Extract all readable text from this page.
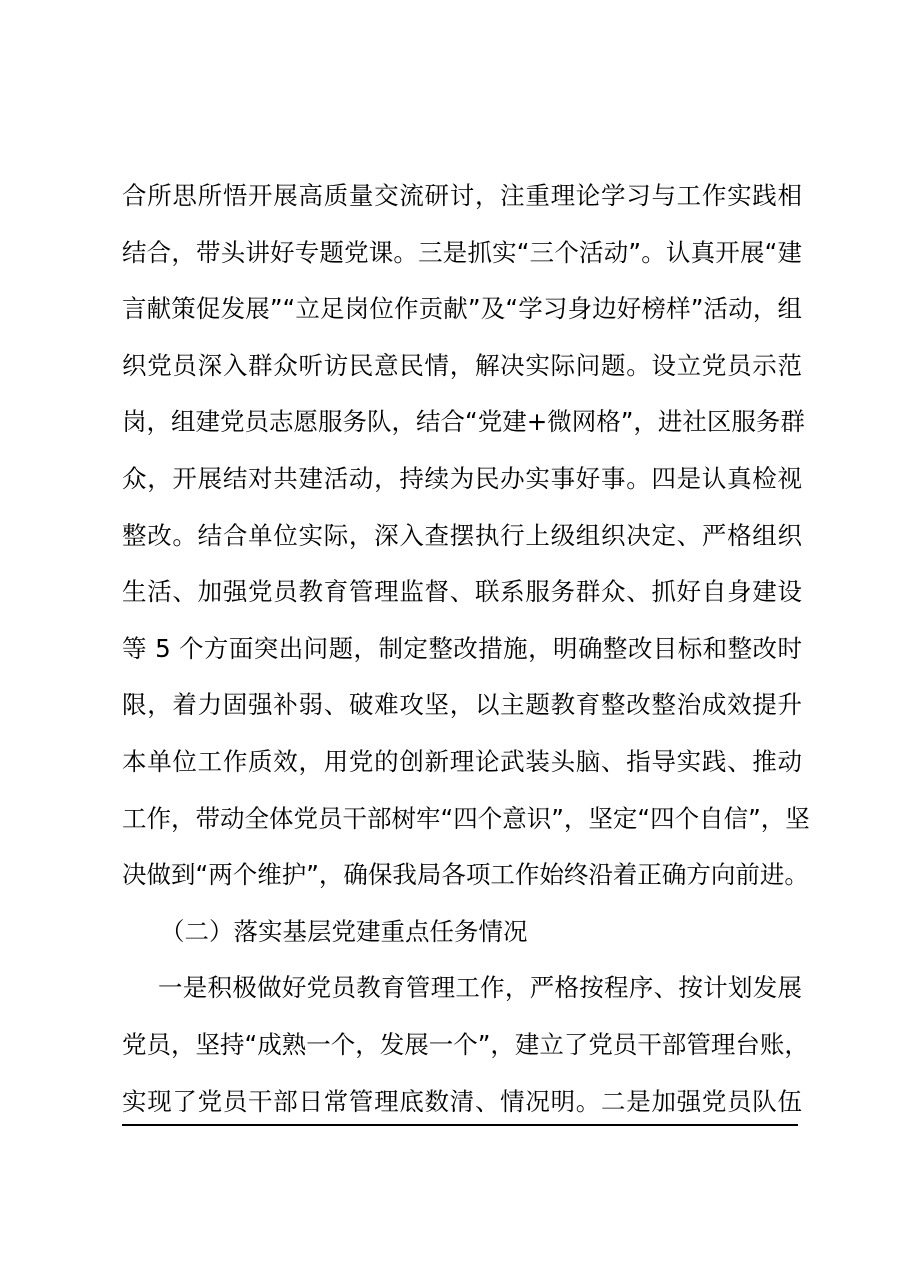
合所思所悟开展高质量交流研讨，注重理论学习与工作实践相
结合，带头讲好专题党课。三是抓实“三个活动”。认真开展“建
言献策促发展”“立足岗位作贡献”及“学习身边好榜样”活动，组
织党员深入群众听访民意民情，解决实际问题。设立党员示范
岗，组建党员志愿服务队，结合“党建+微网格”，进社区服务群
众，开展结对共建活动，持续为民办实事好事。四是认真检视
整改。结合单位实际，深入查摆执行上级组织决定、严格组织
生活、加强党员教育管理监督、联系服务群众、抓好自身建设
等 5 个方面突出问题，制定整改措施，明确整改目标和整改时
限，着力固强补弱、破难攻坚，以主题教育整改整治成效提升
本单位工作质效，用党的创新理论武装头脑、指导实践、推动
工作，带动全体党员干部树牢“四个意识”，坚定“四个自信”，坚
决做到“两个维护”，确保我局各项工作始终沿着正确方向前进。
（二）落实基层党建重点任务情况
一是积极做好党员教育管理工作，严格按程序、按计划发展
党员，坚持“成熟一个，发展一个”，建立了党员干部管理台账，
实现了党员干部日常管理底数清、情况明。二是加强党员队伍
